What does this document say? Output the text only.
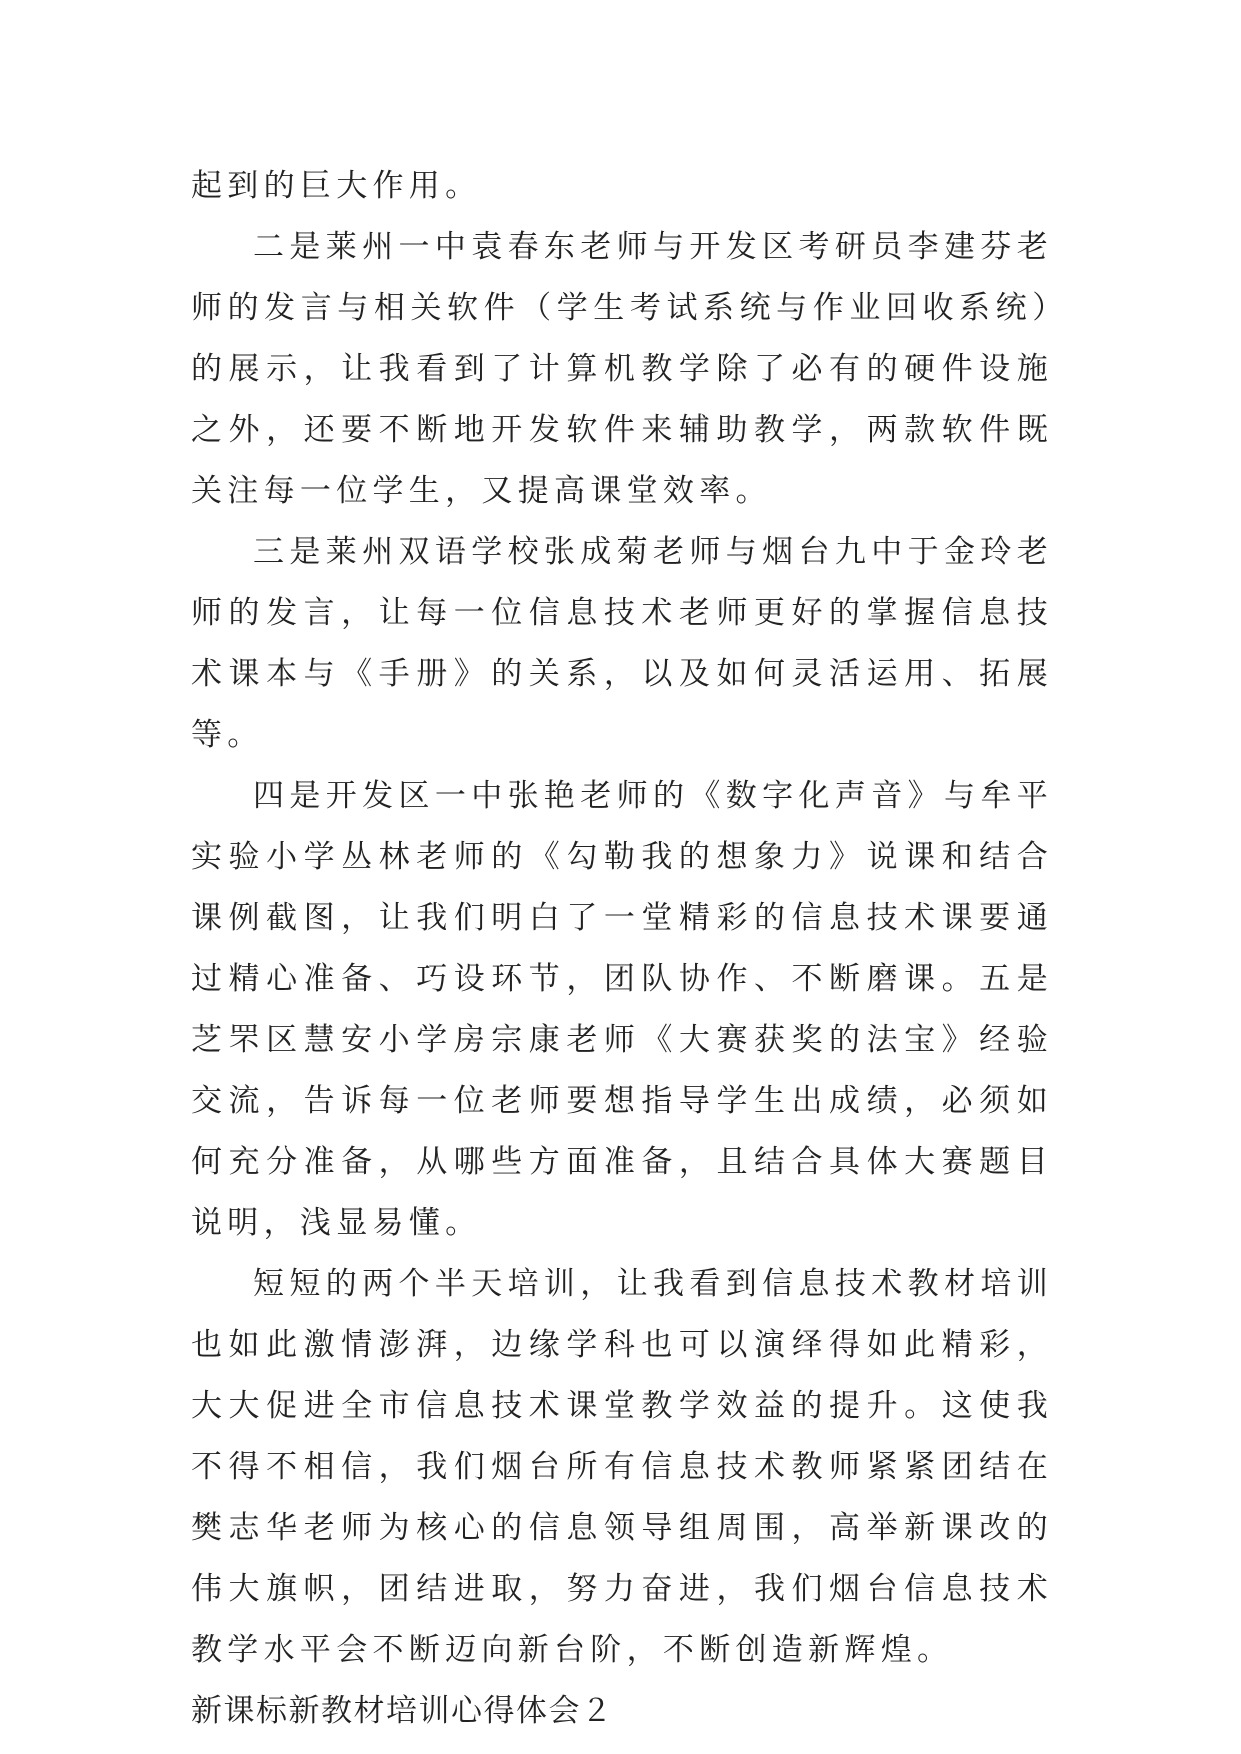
起到的巨大作用。

二是莱州一中袁春东老师与开发区考研员李建芬老师的发言与相关软件（学生考试系统与作业回收系统）的展示，让我看到了计算机教学除了必有的硬件设施之外，还要不断地开发软件来辅助教学，两款软件既关注每一位学生，又提高课堂效率。

三是莱州双语学校张成菊老师与烟台九中于金玲老师的发言，让每一位信息技术老师更好的掌握信息技术课本与《手册》的关系，以及如何灵活运用、拓展等。

四是开发区一中张艳老师的《数字化声音》与牟平实验小学丛林老师的《勾勒我的想象力》说课和结合课例截图，让我们明白了一堂精彩的信息技术课要通过精心准备、巧设环节，团队协作、不断磨课。五是芝罘区慧安小学房宗康老师《大赛获奖的法宝》经验交流，告诉每一位老师要想指导学生出成绩，必须如何充分准备，从哪些方面准备，且结合具体大赛题目说明，浅显易懂。

短短的两个半天培训，让我看到信息技术教材培训也如此激情澎湃，边缘学科也可以演绎得如此精彩，大大促进全市信息技术课堂教学效益的提升。这使我不得不相信，我们烟台所有信息技术教师紧紧团结在樊志华老师为核心的信息领导组周围，高举新课改的伟大旗帜，团结进取，努力奋进，我们烟台信息技术教学水平会不断迈向新台阶，不断创造新辉煌。

新课标新教材培训心得体会２
